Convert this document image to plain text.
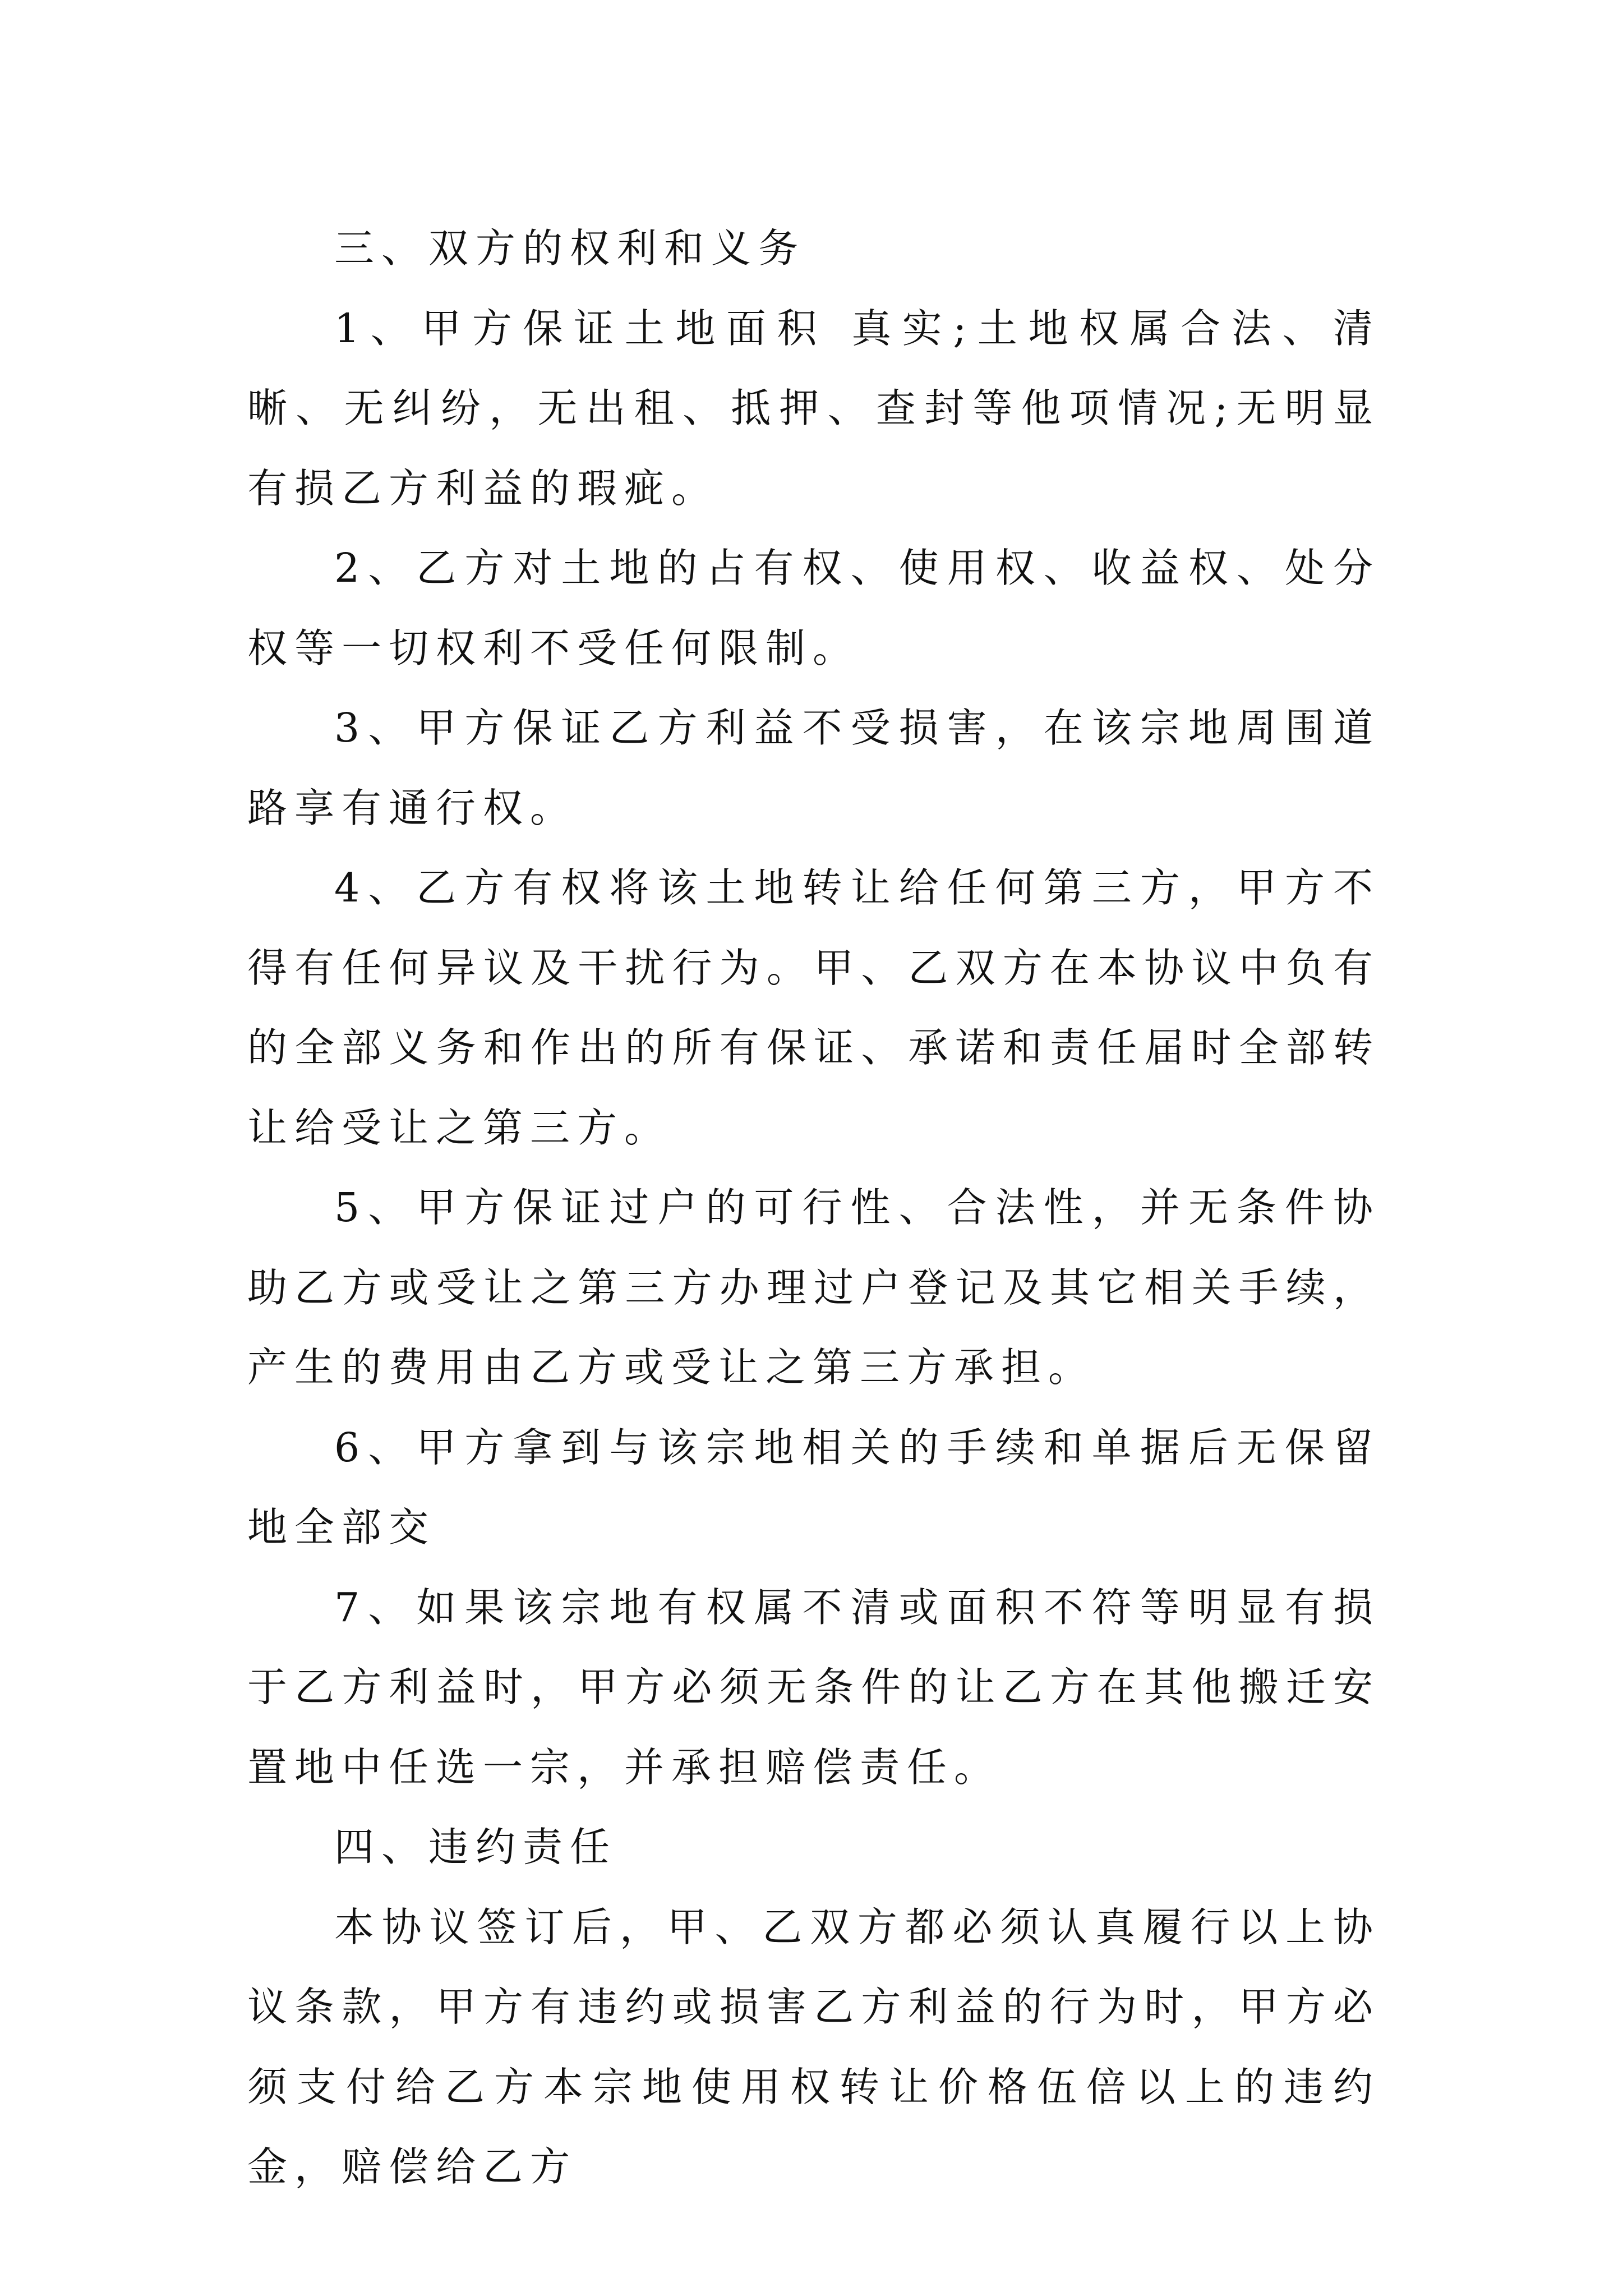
三、双方的权利和义务

1、甲方保证土地面积 真实;土地权属合法、清晰、无纠纷，无出租、抵押、查封等他项情况;无明显有损乙方利益的瑕疵。

2、乙方对土地的占有权、使用权、收益权、处分权等一切权利不受任何限制。

3、甲方保证乙方利益不受损害，在该宗地周围道路享有通行权。

4、乙方有权将该土地转让给任何第三方，甲方不得有任何异议及干扰行为。甲、乙双方在本协议中负有的全部义务和作出的所有保证、承诺和责任届时全部转让给受让之第三方。

5、甲方保证过户的可行性、合法性，并无条件协助乙方或受让之第三方办理过户登记及其它相关手续，产生的费用由乙方或受让之第三方承担。

6、甲方拿到与该宗地相关的手续和单据后无保留地全部交

7、如果该宗地有权属不清或面积不符等明显有损于乙方利益时，甲方必须无条件的让乙方在其他搬迁安置地中任选一宗，并承担赔偿责任。

四、违约责任

本协议签订后，甲、乙双方都必须认真履行以上协议条款，甲方有违约或损害乙方利益的行为时，甲方必须支付给乙方本宗地使用权转让价格伍倍以上的违约金，赔偿给乙方
